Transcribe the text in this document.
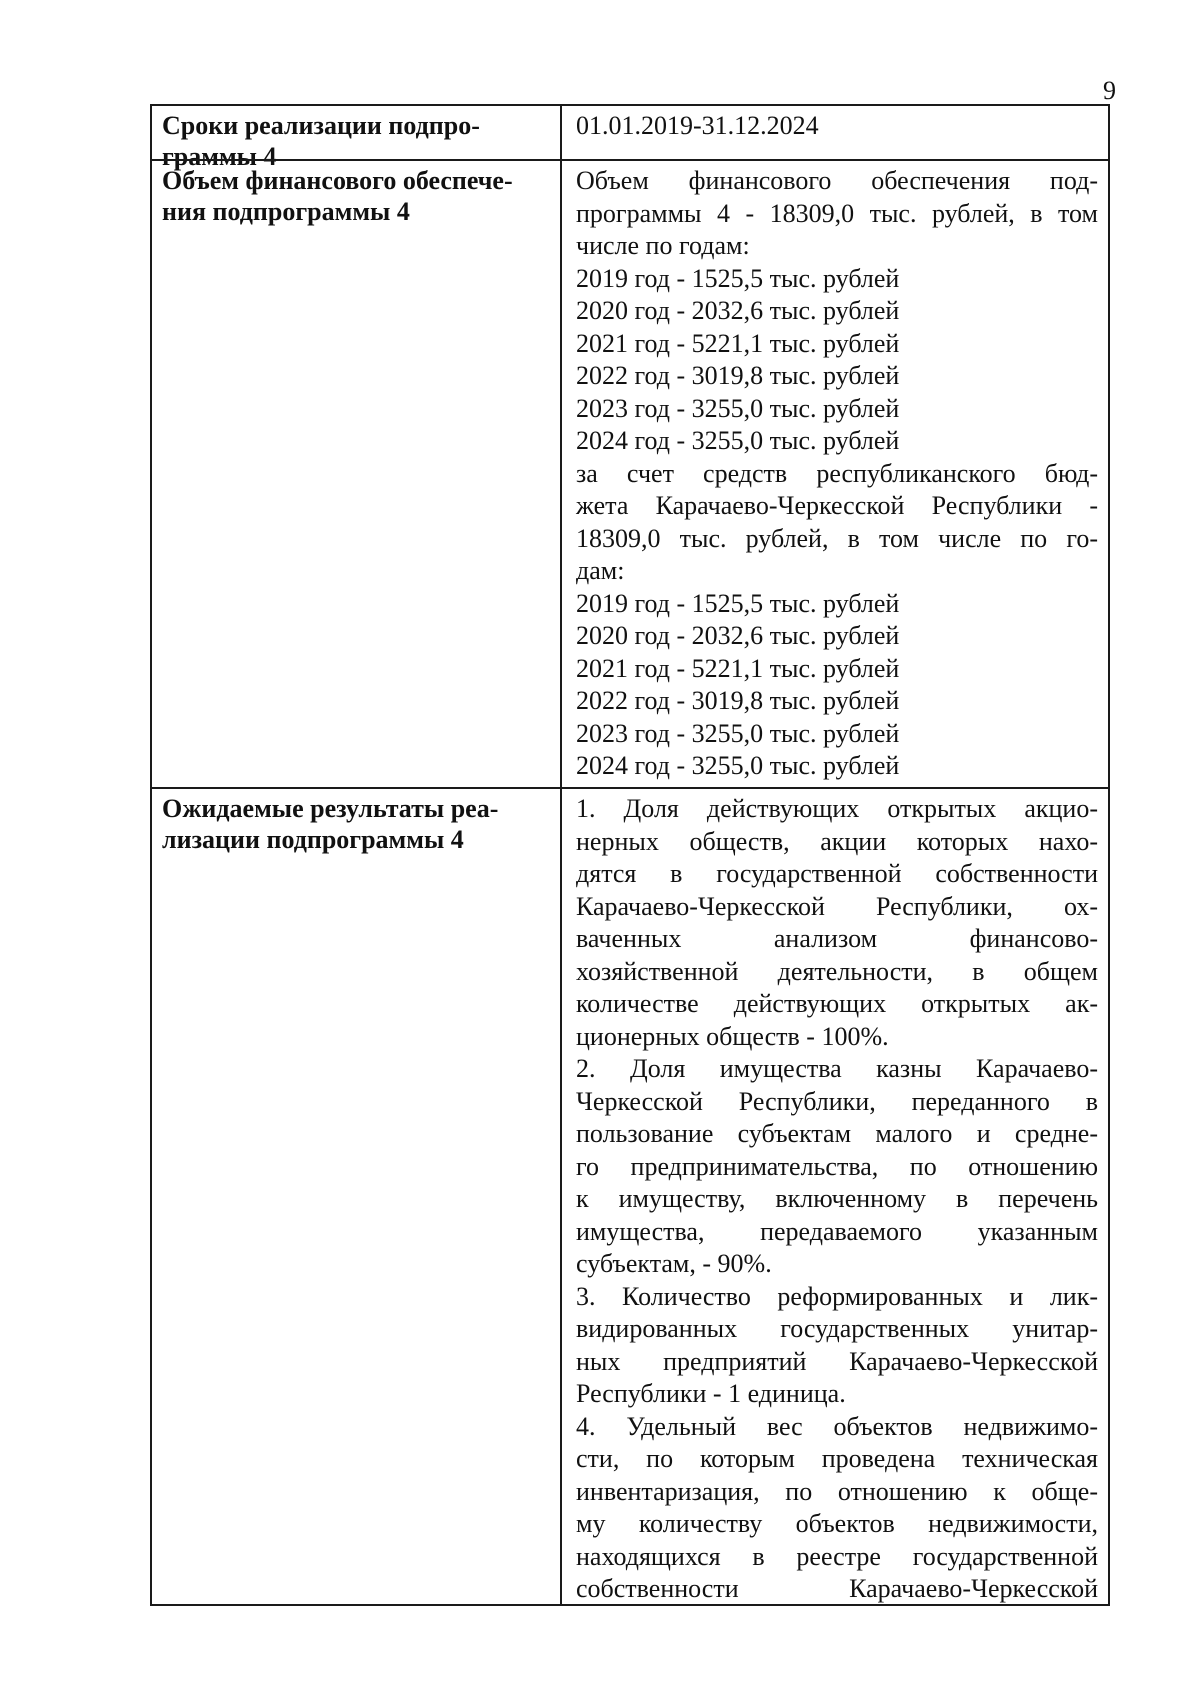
9
Сроки реализации подпро-
граммы 4
01.01.2019-31.12.2024
Объем финансового обеспече-
ния подпрограммы 4
Объем финансового обеспечения под-
программы 4 - 18309,0 тыс. рублей, в том
числе по годам:
2019 год - 1525,5 тыс. рублей
2020 год - 2032,6 тыс. рублей
2021 год - 5221,1 тыс. рублей
2022 год - 3019,8 тыс. рублей
2023 год - 3255,0 тыс. рублей
2024 год - 3255,0 тыс. рублей
за счет средств республиканского бюд-
жета Карачаево-Черкесской Республики -
18309,0 тыс. рублей, в том числе по го-
дам:
2019 год - 1525,5 тыс. рублей
2020 год - 2032,6 тыс. рублей
2021 год - 5221,1 тыс. рублей
2022 год - 3019,8 тыс. рублей
2023 год - 3255,0 тыс. рублей
2024 год - 3255,0 тыс. рублей
Ожидаемые результаты реа-
лизации подпрограммы 4
1. Доля действующих открытых акцио-
нерных обществ, акции которых нахо-
дятся в государственной собственности
Карачаево-Черкесской Республики, ох-
ваченных анализом финансово-
хозяйственной деятельности, в общем
количестве действующих открытых ак-
ционерных обществ - 100%.
2. Доля имущества казны Карачаево-
Черкесской Республики, переданного в
пользование субъектам малого и средне-
го предпринимательства, по отношению
к имуществу, включенному в перечень
имущества, передаваемого указанным
субъектам, - 90%.
3. Количество реформированных и лик-
видированных государственных унитар-
ных предприятий Карачаево-Черкесской
Республики - 1 единица.
4. Удельный вес объектов недвижимо-
сти, по которым проведена техническая
инвентаризация, по отношению к обще-
му количеству объектов недвижимости,
находящихся в реестре государственной
собственности Карачаево-Черкесской
